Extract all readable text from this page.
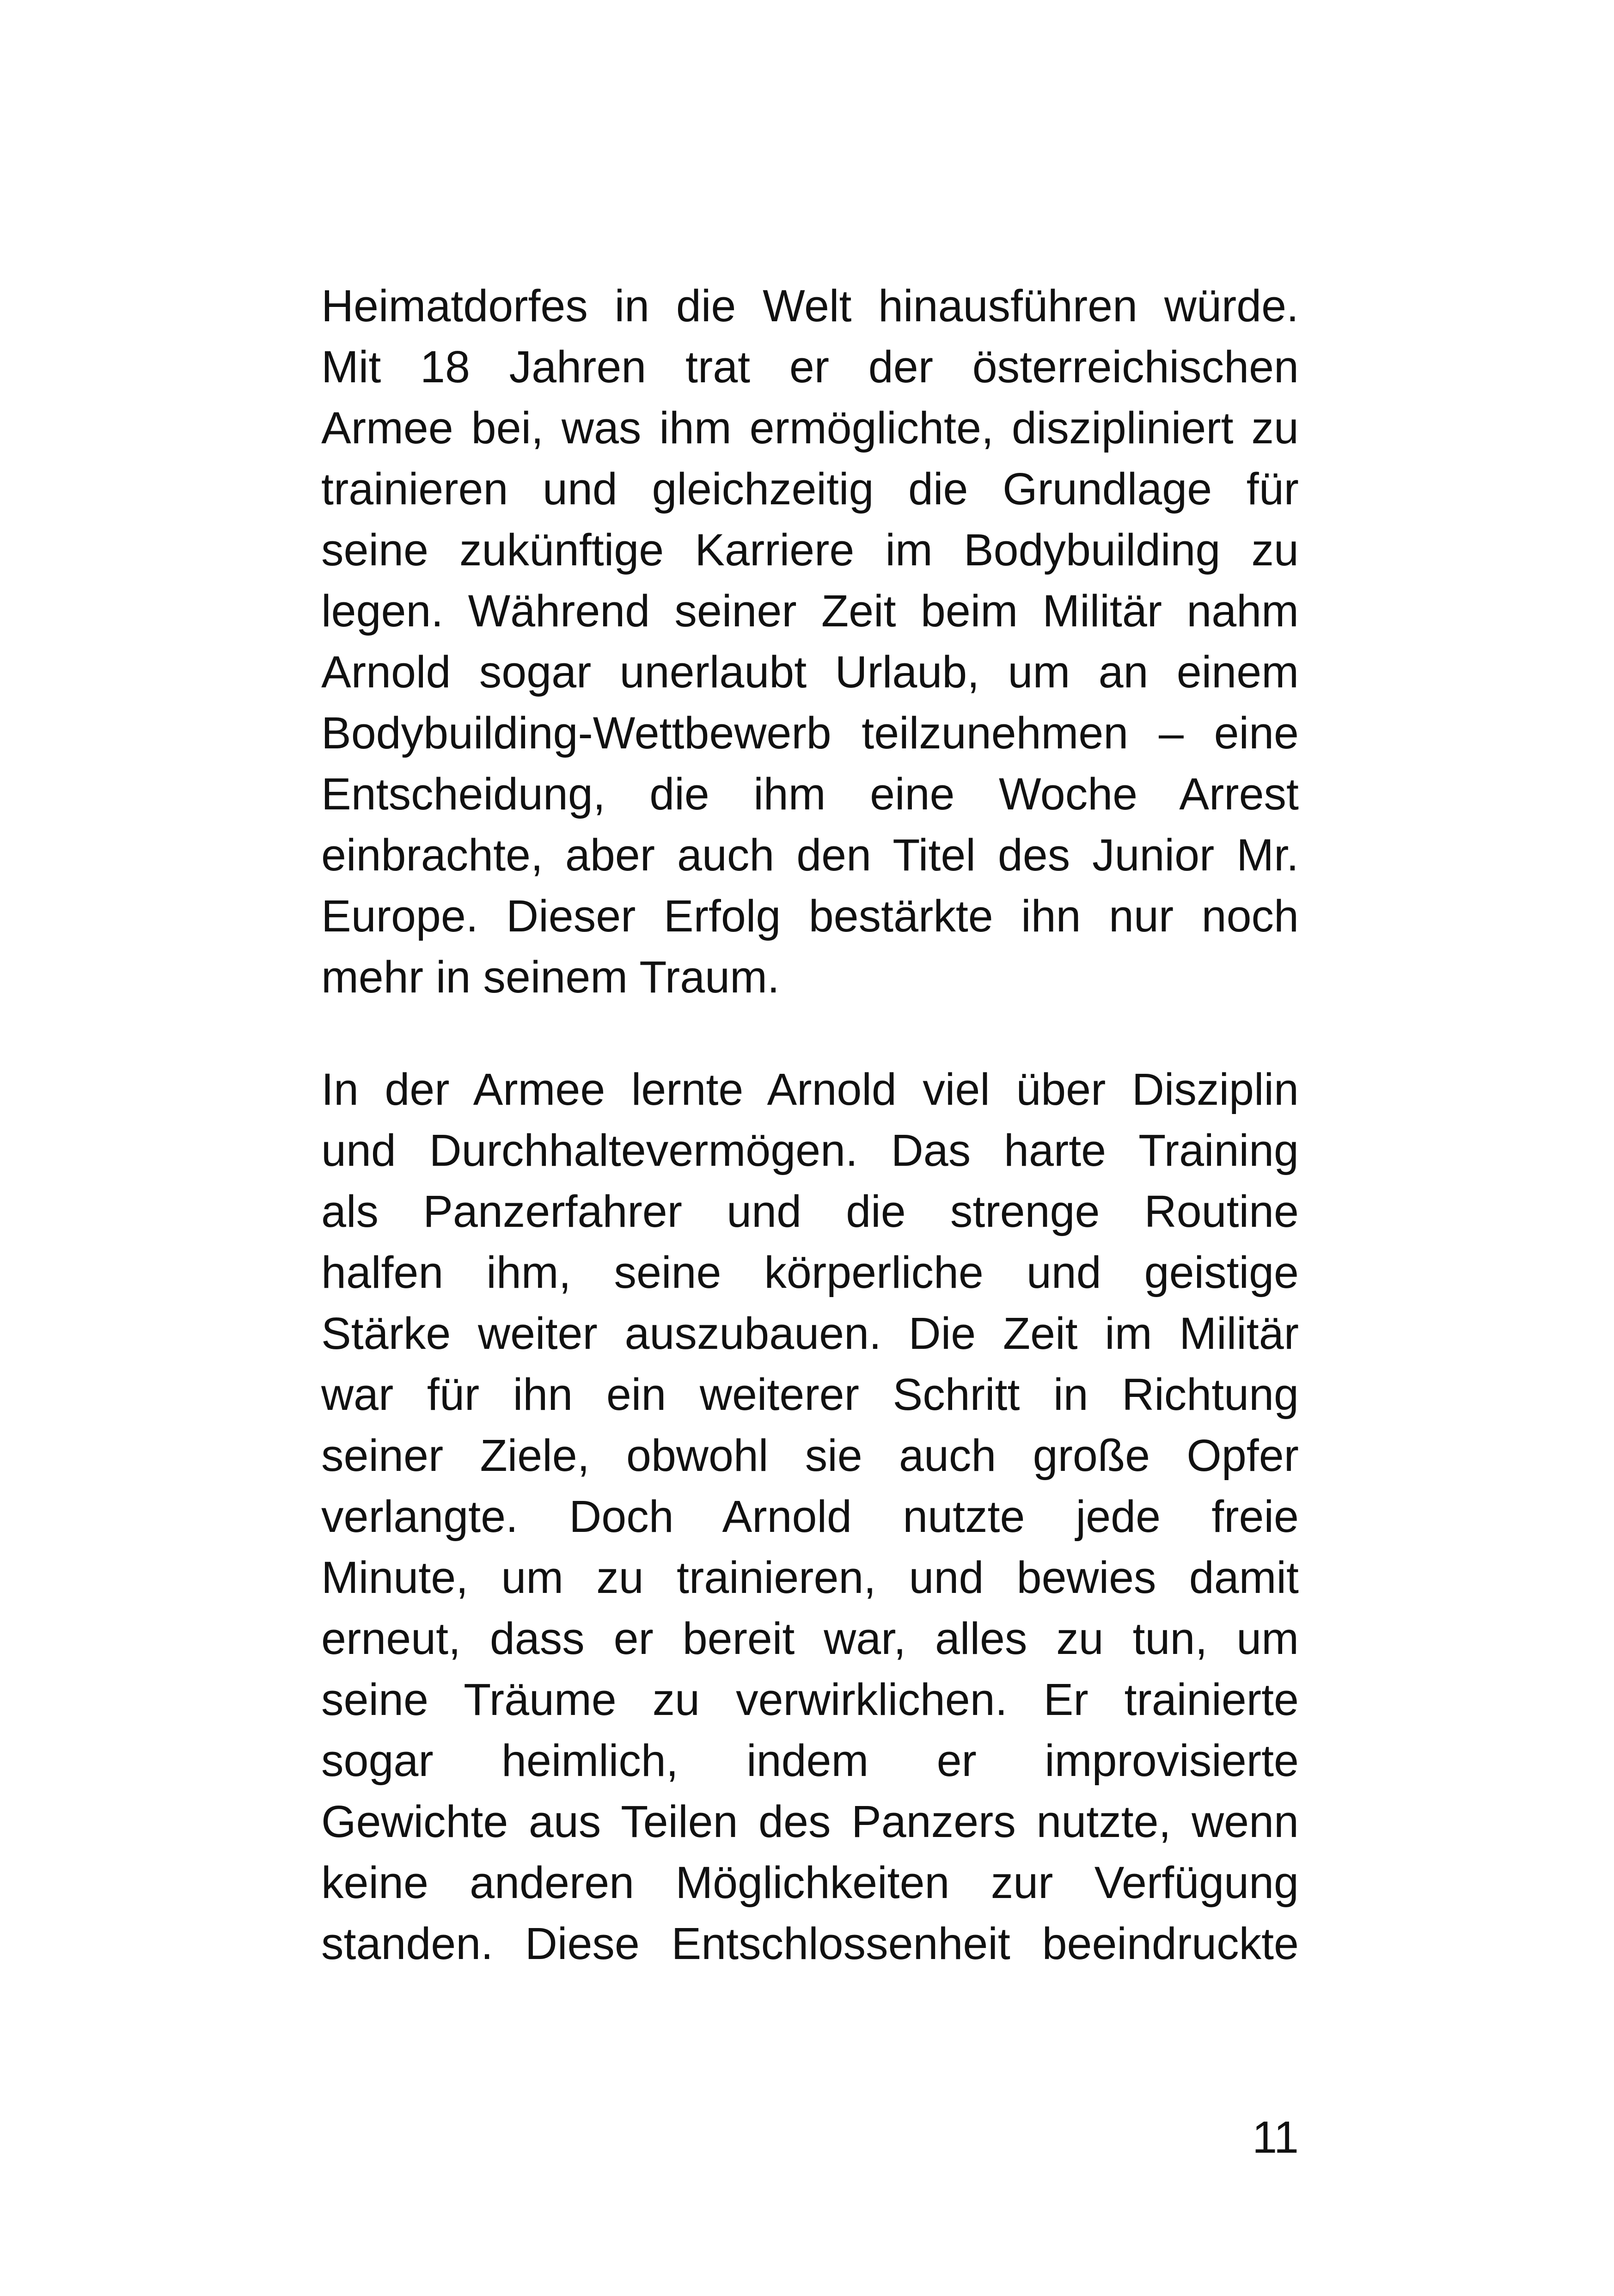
Heimatdorfes in die Welt hinausführen würde.
Mit 18 Jahren trat er der österreichischen
Armee bei, was ihm ermöglichte, diszipliniert zu
trainieren und gleichzeitig die Grundlage für
seine zukünftige Karriere im Bodybuilding zu
legen. Während seiner Zeit beim Militär nahm
Arnold sogar unerlaubt Urlaub, um an einem
Bodybuilding-Wettbewerb teilzunehmen – eine
Entscheidung, die ihm eine Woche Arrest
einbrachte, aber auch den Titel des Junior Mr.
Europe. Dieser Erfolg bestärkte ihn nur noch
mehr in seinem Traum.
In der Armee lernte Arnold viel über Disziplin
und Durchhaltevermögen. Das harte Training
als Panzerfahrer und die strenge Routine
halfen ihm, seine körperliche und geistige
Stärke weiter auszubauen. Die Zeit im Militär
war für ihn ein weiterer Schritt in Richtung
seiner Ziele, obwohl sie auch große Opfer
verlangte. Doch Arnold nutzte jede freie
Minute, um zu trainieren, und bewies damit
erneut, dass er bereit war, alles zu tun, um
seine Träume zu verwirklichen. Er trainierte
sogar heimlich, indem er improvisierte
Gewichte aus Teilen des Panzers nutzte, wenn
keine anderen Möglichkeiten zur Verfügung
standen. Diese Entschlossenheit beeindruckte
11
